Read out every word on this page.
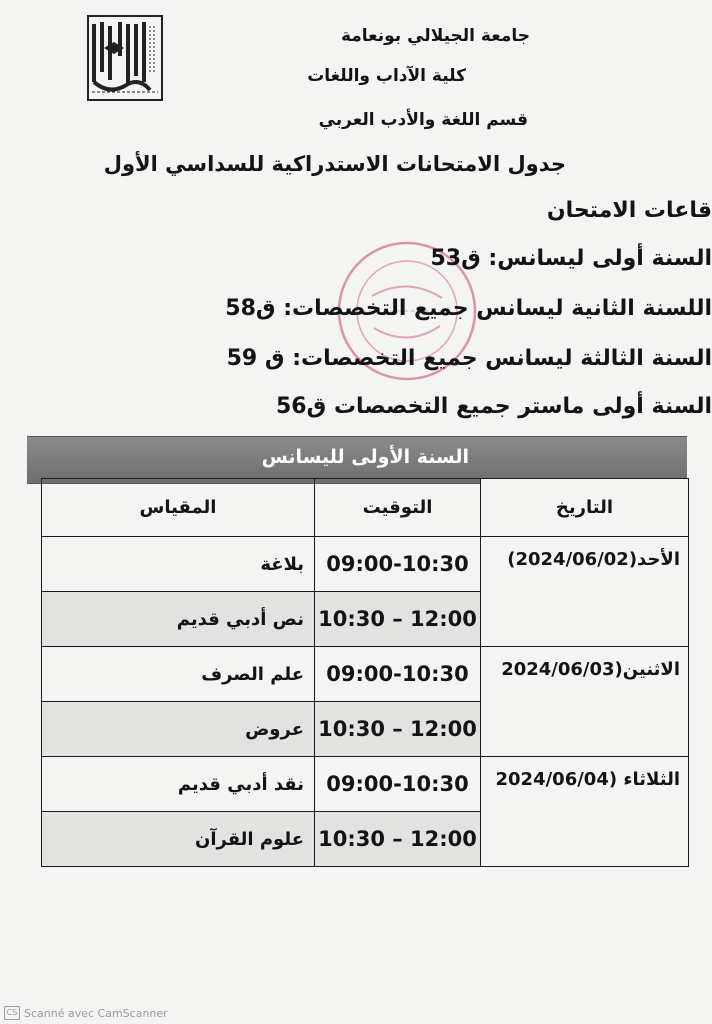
جامعة الجيلالي بونعامة
كلية الآداب واللغات
قسم اللغة والأدب العربي
جدول الامتحانات الاستدراكية للسداسي الأول
قاعات الامتحان
السنة أولى ليسانس: ق53
اللسنة الثانية ليسانس جميع التخصصات: ق58
السنة الثالثة ليسانس جميع التخصصات: ق 59
السنة أولى ماستر جميع التخصصات ق56
السنة الأولى لليسانس
التاريخ	التوقيت	المقياس

الأحد(2024/06/02)	09:00-10:30	بلاغة
	10:30 – 12:00	نص أدبي قديم

الاثنين(2024/06/03	09:00-10:30	علم الصرف
	10:30 – 12:00	عروض

الثلاثاء (2024/06/04	09:00-10:30	نقد أدبي قديم
	10:30 – 12:00	علوم القرآن
CS Scanné avec CamScanner
